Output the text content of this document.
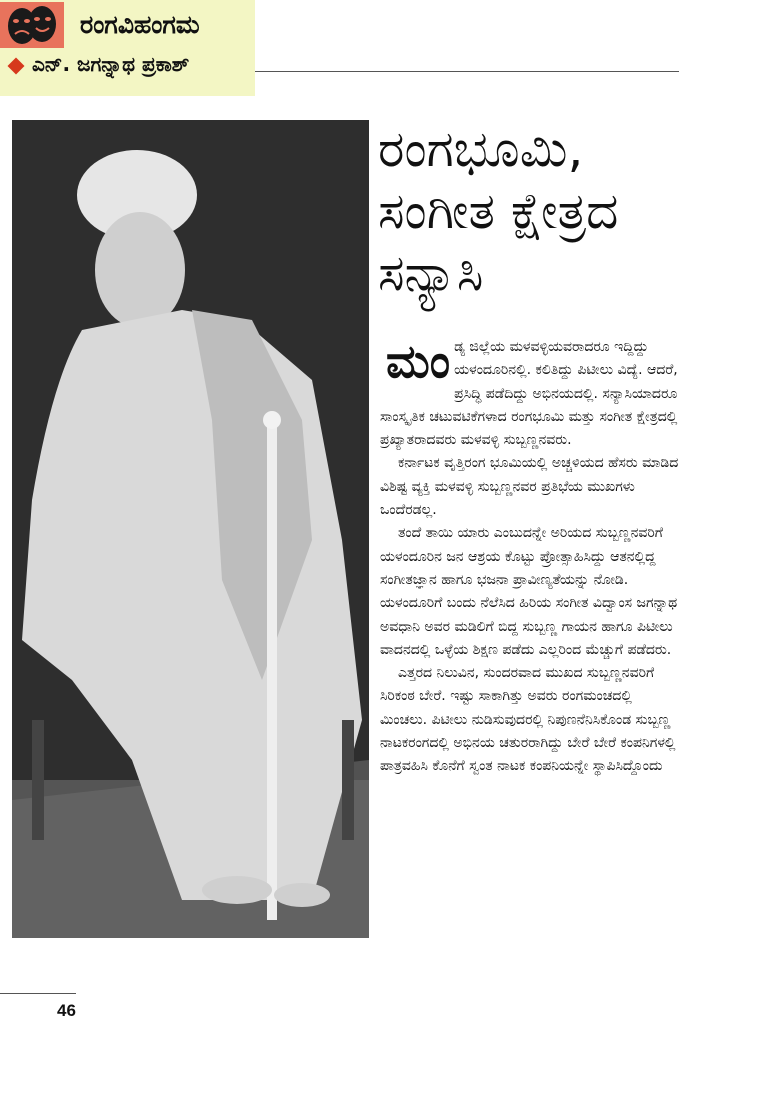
ರಂಗವಿಹಂಗಮ
ಎನ್. ಜಗನ್ನಾಥ ಪ್ರಕಾಶ್
ರಂಗಭೂಮಿ,
ಸಂಗೀತ ಕ್ಷೇತ್ರದ
ಸನ್ಯಾಸಿ

ಮಂಡ್ಯ ಜಿಲ್ಲೆಯ ಮಳವಳ್ಳಿಯವರಾದರೂ ಇದ್ದಿದ್ದು ಯಳಂದೂರಿನಲ್ಲಿ. ಕಲಿತಿದ್ದು ಪಿಟೀಲು ವಿದ್ಯೆ. ಆದರೆ, ಪ್ರಸಿದ್ಧಿ ಪಡೆದಿದ್ದು ಅಭಿನಯದಲ್ಲಿ. ಸನ್ಯಾಸಿಯಾದರೂ ಸಾಂಸ್ಕೃತಿಕ ಚಟುವಟಿಕೆಗಳಾದ ರಂಗಭೂಮಿ ಮತ್ತು ಸಂಗೀತ ಕ್ಷೇತ್ರದಲ್ಲಿ ಪ್ರಖ್ಯಾತರಾದವರು ಮಳವಳ್ಳಿ ಸುಬ್ಬಣ್ಣನವರು.

ಕರ್ನಾಟಕ ವೃತ್ತಿರಂಗ ಭೂಮಿಯಲ್ಲಿ ಅಚ್ಚಳಿಯದ ಹೆಸರು ಮಾಡಿದ ವಿಶಿಷ್ಟ ವ್ಯಕ್ತಿ ಮಳವಳ್ಳಿ ಸುಬ್ಬಣ್ಣನವರ ಪ್ರತಿಭೆಯ ಮುಖಗಳು ಒಂದೆರಡಲ್ಲ.

ತಂದೆ ತಾಯಿ ಯಾರು ಎಂಬುದನ್ನೇ ಅರಿಯದ ಸುಬ್ಬಣ್ಣನವರಿಗೆ ಯಳಂದೂರಿನ ಜನ ಆಶ್ರಯ ಕೊಟ್ಟು ಪ್ರೋತ್ಸಾಹಿಸಿದ್ದು ಆತನಲ್ಲಿದ್ದ ಸಂಗೀತಜ್ಞಾನ ಹಾಗೂ ಭಜನಾ ಪ್ರಾವೀಣ್ಯತೆಯನ್ನು ನೋಡಿ. ಯಳಂದೂರಿಗೆ ಬಂದು ನೆಲೆಸಿದ ಹಿರಿಯ ಸಂಗೀತ ವಿದ್ವಾಂಸ ಜಗನ್ನಾಥ ಅವಧಾನಿ ಅವರ ಮಡಿಲಿಗೆ ಬಿದ್ದ ಸುಬ್ಬಣ್ಣ ಗಾಯನ ಹಾಗೂ ಪಿಟೀಲು ವಾದನದಲ್ಲಿ ಒಳ್ಳೆಯ ಶಿಕ್ಷಣ ಪಡೆದು ಎಲ್ಲರಿಂದ ಮೆಚ್ಚುಗೆ ಪಡೆದರು.

ಎತ್ತರದ ನಿಲುವಿನ, ಸುಂದರವಾದ ಮುಖದ ಸುಬ್ಬಣ್ಣನವರಿಗೆ ಸಿರಿಕಂಠ ಬೇರೆ. ಇಷ್ಟು ಸಾಕಾಗಿತ್ತು ಅವರು ರಂಗಮಂಚದಲ್ಲಿ ಮಿಂಚಲು. ಪಿಟೀಲು ನುಡಿಸುವುದರಲ್ಲಿ ನಿಪುಣನೆನಿಸಿಕೊಂಡ ಸುಬ್ಬಣ್ಣ ನಾಟಕರಂಗದಲ್ಲಿ ಅಭಿನಯ ಚತುರರಾಗಿದ್ದು ಬೇರೆ ಬೇರೆ ಕಂಪನಿಗಳಲ್ಲಿ ಪಾತ್ರವಹಿಸಿ ಕೊನೆಗೆ ಸ್ವಂತ ನಾಟಕ ಕಂಪನಿಯನ್ನೇ ಸ್ಥಾಪಿಸಿದ್ದೊಂದು

46
